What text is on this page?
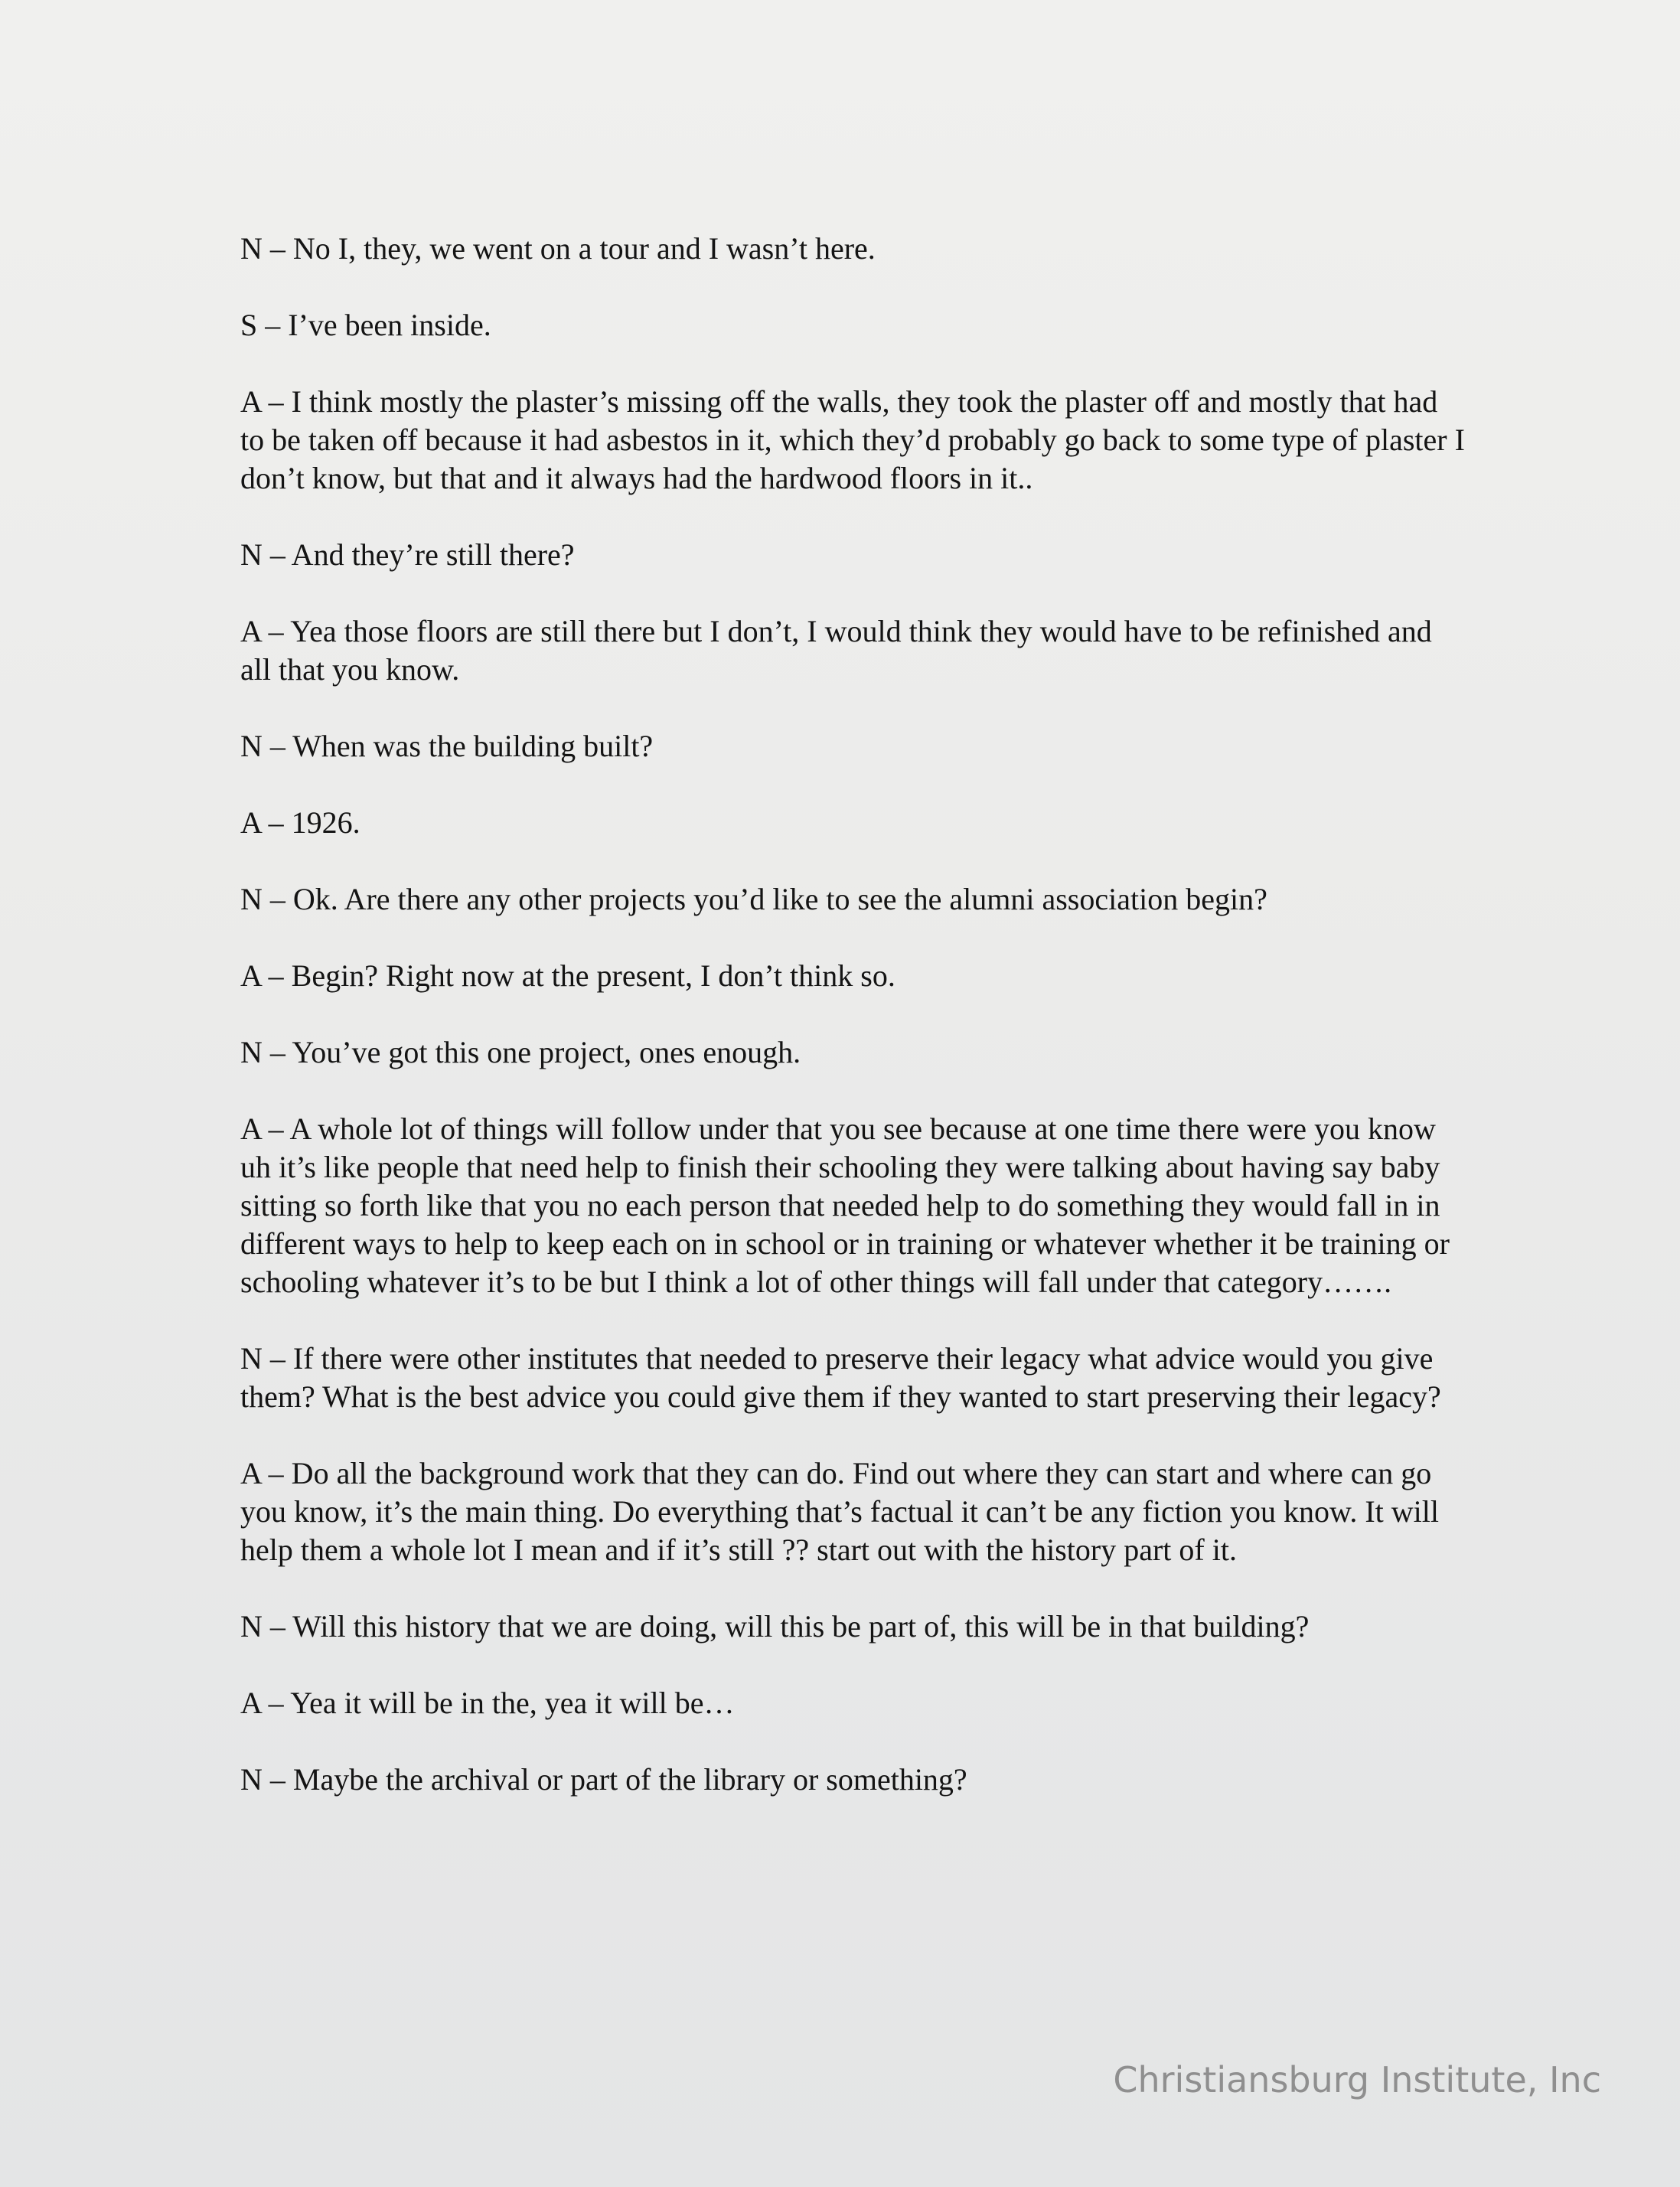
N – No I, they, we went on a tour and I wasn’t here.

S – I’ve been inside.

A – I think mostly the plaster’s missing off the walls, they took the plaster off and mostly that had to be taken off because it had asbestos in it, which they’d probably go back to some type of plaster I don’t know, but that and it always had the hardwood floors in it..

N – And they’re still there?

A – Yea those floors are still there but I don’t, I would think they would have to be refinished and all that you know.

N – When was the building built?

A – 1926.

N – Ok. Are there any other projects you’d like to see the alumni association begin?

A – Begin? Right now at the present, I don’t think so.

N – You’ve got this one project, ones enough.

A – A whole lot of things will follow under that you see because at one time there were you know uh it’s like people that need help to finish their schooling they were talking about having say baby sitting so forth like that you no each person that needed help to do something they would fall in in different ways to help to keep each on in school or in training or whatever whether it be training or schooling whatever it’s to be but I think a lot of other things will fall under that category…….

N – If there were other institutes that needed to preserve their legacy what advice would you give them? What is the best advice you could give them if they wanted to start preserving their legacy?

A – Do all the background work that they can do. Find out where they can start and where can go you know, it’s the main thing. Do everything that’s factual it can’t be any fiction you know. It will help them a whole lot I mean and if it’s still ?? start out with the history part of it.

N – Will this history that we are doing, will this be part of, this will be in that building?

A – Yea it will be in the, yea it will be…

N – Maybe the archival or part of the library or something?

Christiansburg Institute, Inc
